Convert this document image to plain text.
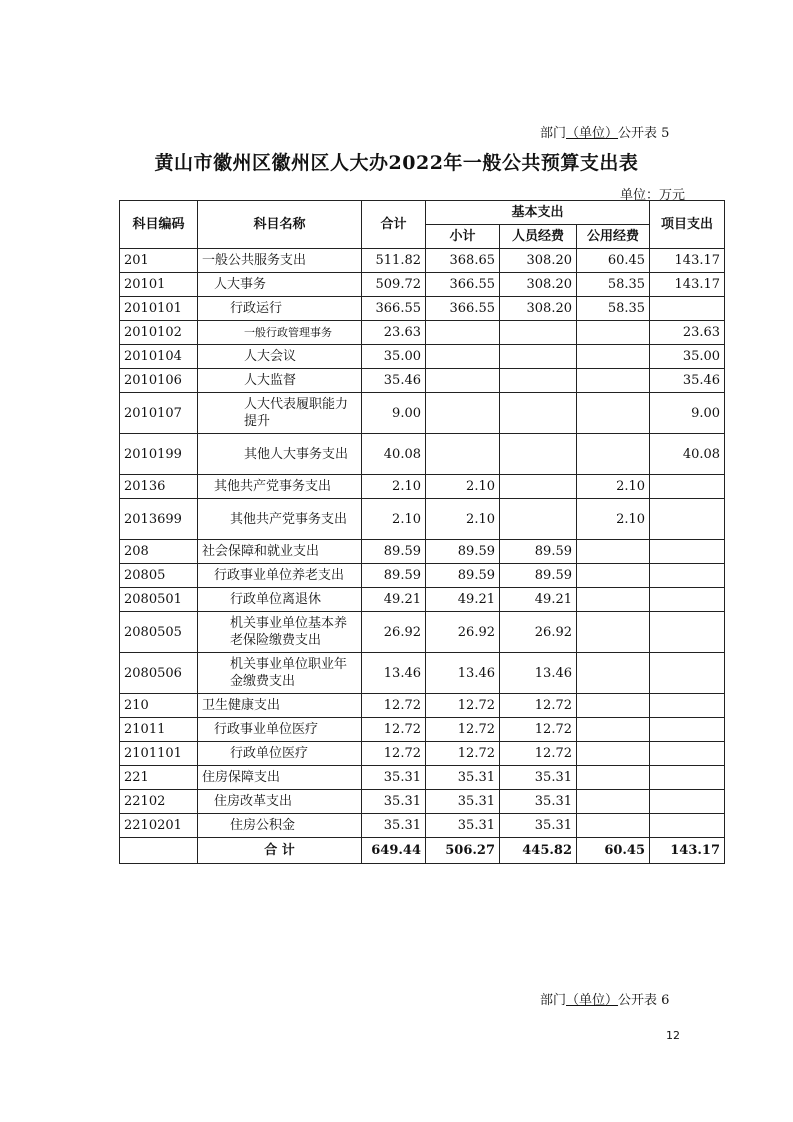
部门（单位）公开表 5
黄山市徽州区徽州区人大办2022年一般公共预算支出表
单位：万元
科目编码	科目名称	合计	基本支出			项目支出
			小计	人员经费	公用经费	
201	一般公共服务支出	511.82	368.65	308.20	60.45	143.17
20101	人大事务	509.72	366.55	308.20	58.35	143.17
2010101	行政运行	366.55	366.55	308.20	58.35	
2010102	一般行政管理事务	23.63				23.63
2010104	人大会议	35.00				35.00
2010106	人大监督	35.46				35.46
2010107	人大代表履职能力提升	9.00				9.00
2010199	其他人大事务支出	40.08				40.08
20136	其他共产党事务支出	2.10	2.10		2.10	
2013699	其他共产党事务支出	2.10	2.10		2.10	
208	社会保障和就业支出	89.59	89.59	89.59		
20805	行政事业单位养老支出	89.59	89.59	89.59		
2080501	行政单位离退休	49.21	49.21	49.21		
2080505	机关事业单位基本养老保险缴费支出	26.92	26.92	26.92		
2080506	机关事业单位职业年金缴费支出	13.46	13.46	13.46		
210	卫生健康支出	12.72	12.72	12.72		
21011	行政事业单位医疗	12.72	12.72	12.72		
2101101	行政单位医疗	12.72	12.72	12.72		
221	住房保障支出	35.31	35.31	35.31		
22102	住房改革支出	35.31	35.31	35.31		
2210201	住房公积金	35.31	35.31	35.31		
	合 计	649.44	506.27	445.82	60.45	143.17
部门（单位）公开表 6
12
